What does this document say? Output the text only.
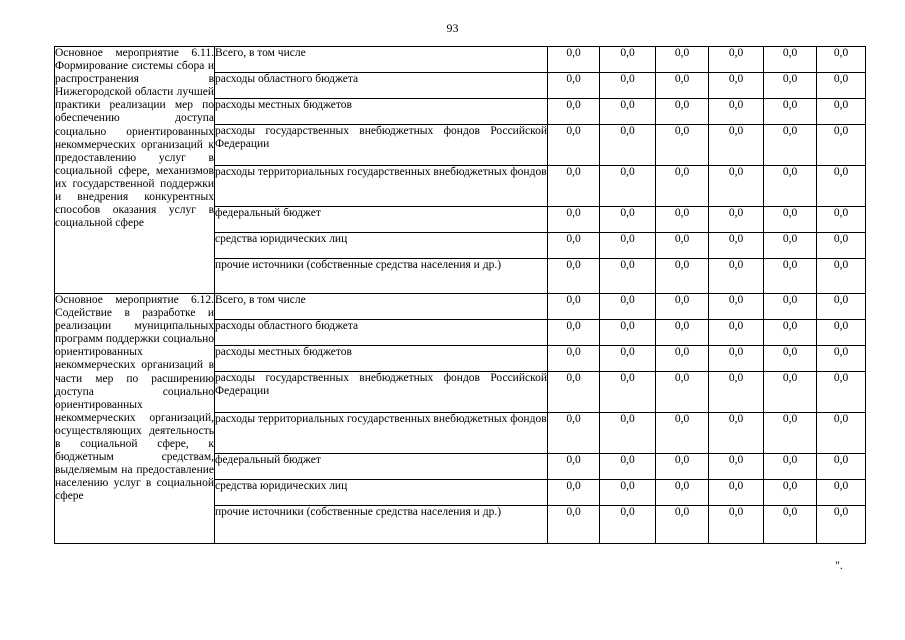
93
Основное мероприятие 6.11. Формирование системы сбора и распространения в Нижегородской области лучшей практики реализации мер по обеспечению доступа социально ориентированных некоммерческих организаций к предоставлению услуг в социальной сфере, механизмов их государственной поддержки и внедрения конкурентных способов оказания услуг в социальной сфере	Всего, в том числе	0,0	0,0	0,0	0,0	0,0	0,0
	расходы областного бюджета	0,0	0,0	0,0	0,0	0,0	0,0
	расходы местных бюджетов	0,0	0,0	0,0	0,0	0,0	0,0
	расходы государственных внебюджетных фондов Российской Федерации	0,0	0,0	0,0	0,0	0,0	0,0
	расходы территориальных государственных внебюджетных фондов	0,0	0,0	0,0	0,0	0,0	0,0
	федеральный бюджет	0,0	0,0	0,0	0,0	0,0	0,0
	средства юридических лиц	0,0	0,0	0,0	0,0	0,0	0,0
	прочие источники (собственные средства населения и др.)	0,0	0,0	0,0	0,0	0,0	0,0
Основное мероприятие 6.12. Содействие в разработке и реализации муниципальных программ поддержки социально ориентированных некоммерческих организаций в части мер по расширению доступа социально ориентированных некоммерческих организаций, осуществляющих деятельность в социальной сфере, к бюджетным средствам, выделяемым на предоставление населению услуг в социальной сфере	Всего, в том числе	0,0	0,0	0,0	0,0	0,0	0,0
	расходы областного бюджета	0,0	0,0	0,0	0,0	0,0	0,0
	расходы местных бюджетов	0,0	0,0	0,0	0,0	0,0	0,0
	расходы государственных внебюджетных фондов Российской Федерации	0,0	0,0	0,0	0,0	0,0	0,0
	расходы территориальных государственных внебюджетных фондов	0,0	0,0	0,0	0,0	0,0	0,0
	федеральный бюджет	0,0	0,0	0,0	0,0	0,0	0,0
	средства юридических лиц	0,0	0,0	0,0	0,0	0,0	0,0
	прочие источники (собственные средства населения и др.)	0,0	0,0	0,0	0,0	0,0	0,0
".
